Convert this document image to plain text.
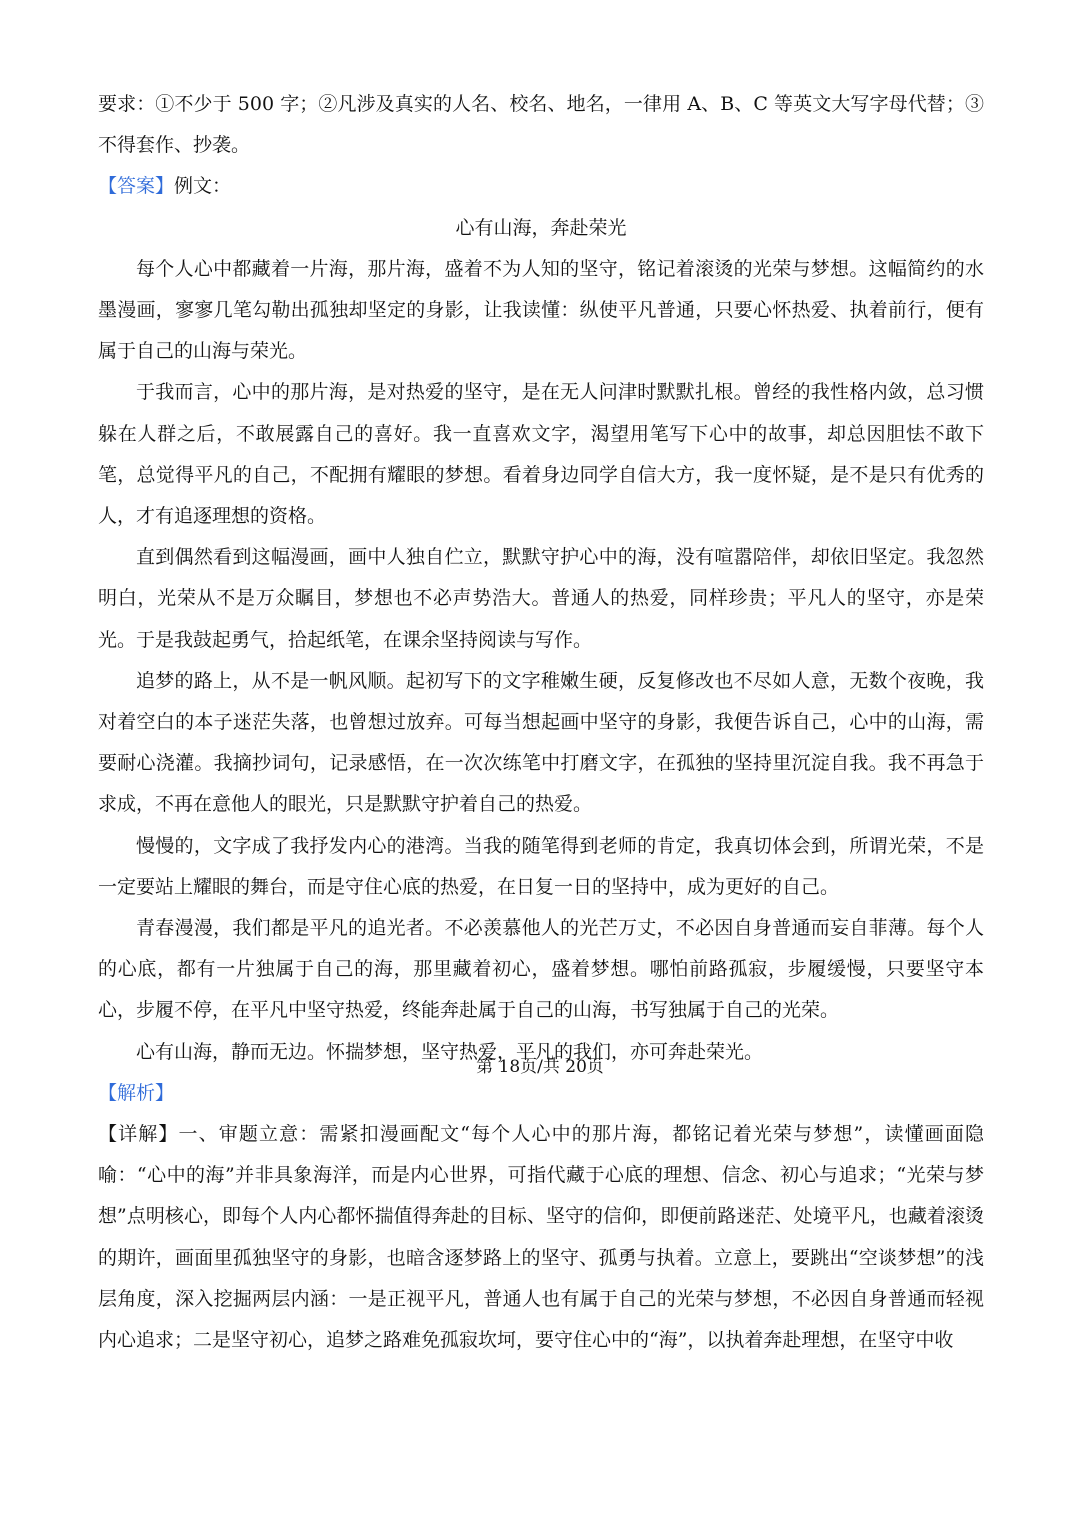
要求：①不少于 500 字；②凡涉及真实的人名、校名、地名，一律用 A、B、C 等英文大写字母代替；③不得套作、抄袭。

【答案】例文：

心有山海，奔赴荣光

每个人心中都藏着一片海，那片海，盛着不为人知的坚守，铭记着滚烫的光荣与梦想。这幅简约的水墨漫画，寥寥几笔勾勒出孤独却坚定的身影，让我读懂：纵使平凡普通，只要心怀热爱、执着前行，便有属于自己的山海与荣光。

于我而言，心中的那片海，是对热爱的坚守，是在无人问津时默默扎根。曾经的我性格内敛，总习惯躲在人群之后，不敢展露自己的喜好。我一直喜欢文字，渴望用笔写下心中的故事，却总因胆怯不敢下笔，总觉得平凡的自己，不配拥有耀眼的梦想。看着身边同学自信大方，我一度怀疑，是不是只有优秀的人，才有追逐理想的资格。

直到偶然看到这幅漫画，画中人独自伫立，默默守护心中的海，没有喧嚣陪伴，却依旧坚定。我忽然明白，光荣从不是万众瞩目，梦想也不必声势浩大。普通人的热爱，同样珍贵；平凡人的坚守，亦是荣光。于是我鼓起勇气，拾起纸笔，在课余坚持阅读与写作。

追梦的路上，从不是一帆风顺。起初写下的文字稚嫩生硬，反复修改也不尽如人意，无数个夜晚，我对着空白的本子迷茫失落，也曾想过放弃。可每当想起画中坚守的身影，我便告诉自己，心中的山海，需要耐心浇灌。我摘抄词句，记录感悟，在一次次练笔中打磨文字，在孤独的坚持里沉淀自我。我不再急于求成，不再在意他人的眼光，只是默默守护着自己的热爱。

慢慢的，文字成了我抒发内心的港湾。当我的随笔得到老师的肯定，我真切体会到，所谓光荣，不是一定要站上耀眼的舞台，而是守住心底的热爱，在日复一日的坚持中，成为更好的自己。

青春漫漫，我们都是平凡的追光者。不必羡慕他人的光芒万丈，不必因自身普通而妄自菲薄。每个人的心底，都有一片独属于自己的海，那里藏着初心，盛着梦想。哪怕前路孤寂，步履缓慢，只要坚守本心，步履不停，在平凡中坚守热爱，终能奔赴属于自己的山海，书写独属于自己的光荣。

心有山海，静而无边。怀揣梦想，坚守热爱，平凡的我们，亦可奔赴荣光。

【解析】

【详解】一、审题立意：需紧扣漫画配文“每个人心中的那片海，都铭记着光荣与梦想”，读懂画面隐喻：“心中的海”并非具象海洋，而是内心世界，可指代藏于心底的理想、信念、初心与追求；“光荣与梦想”点明核心，即每个人内心都怀揣值得奔赴的目标、坚守的信仰，即便前路迷茫、处境平凡，也藏着滚烫的期许，画面里孤独坚守的身影，也暗含逐梦路上的坚守、孤勇与执着。立意上，要跳出“空谈梦想”的浅层角度，深入挖掘两层内涵：一是正视平凡，普通人也有属于自己的光荣与梦想，不必因自身普通而轻视内心追求；二是坚守初心，追梦之路难免孤寂坎坷，要守住心中的“海”，以执着奔赴理想，在坚守中收

第 18页/共 20页
